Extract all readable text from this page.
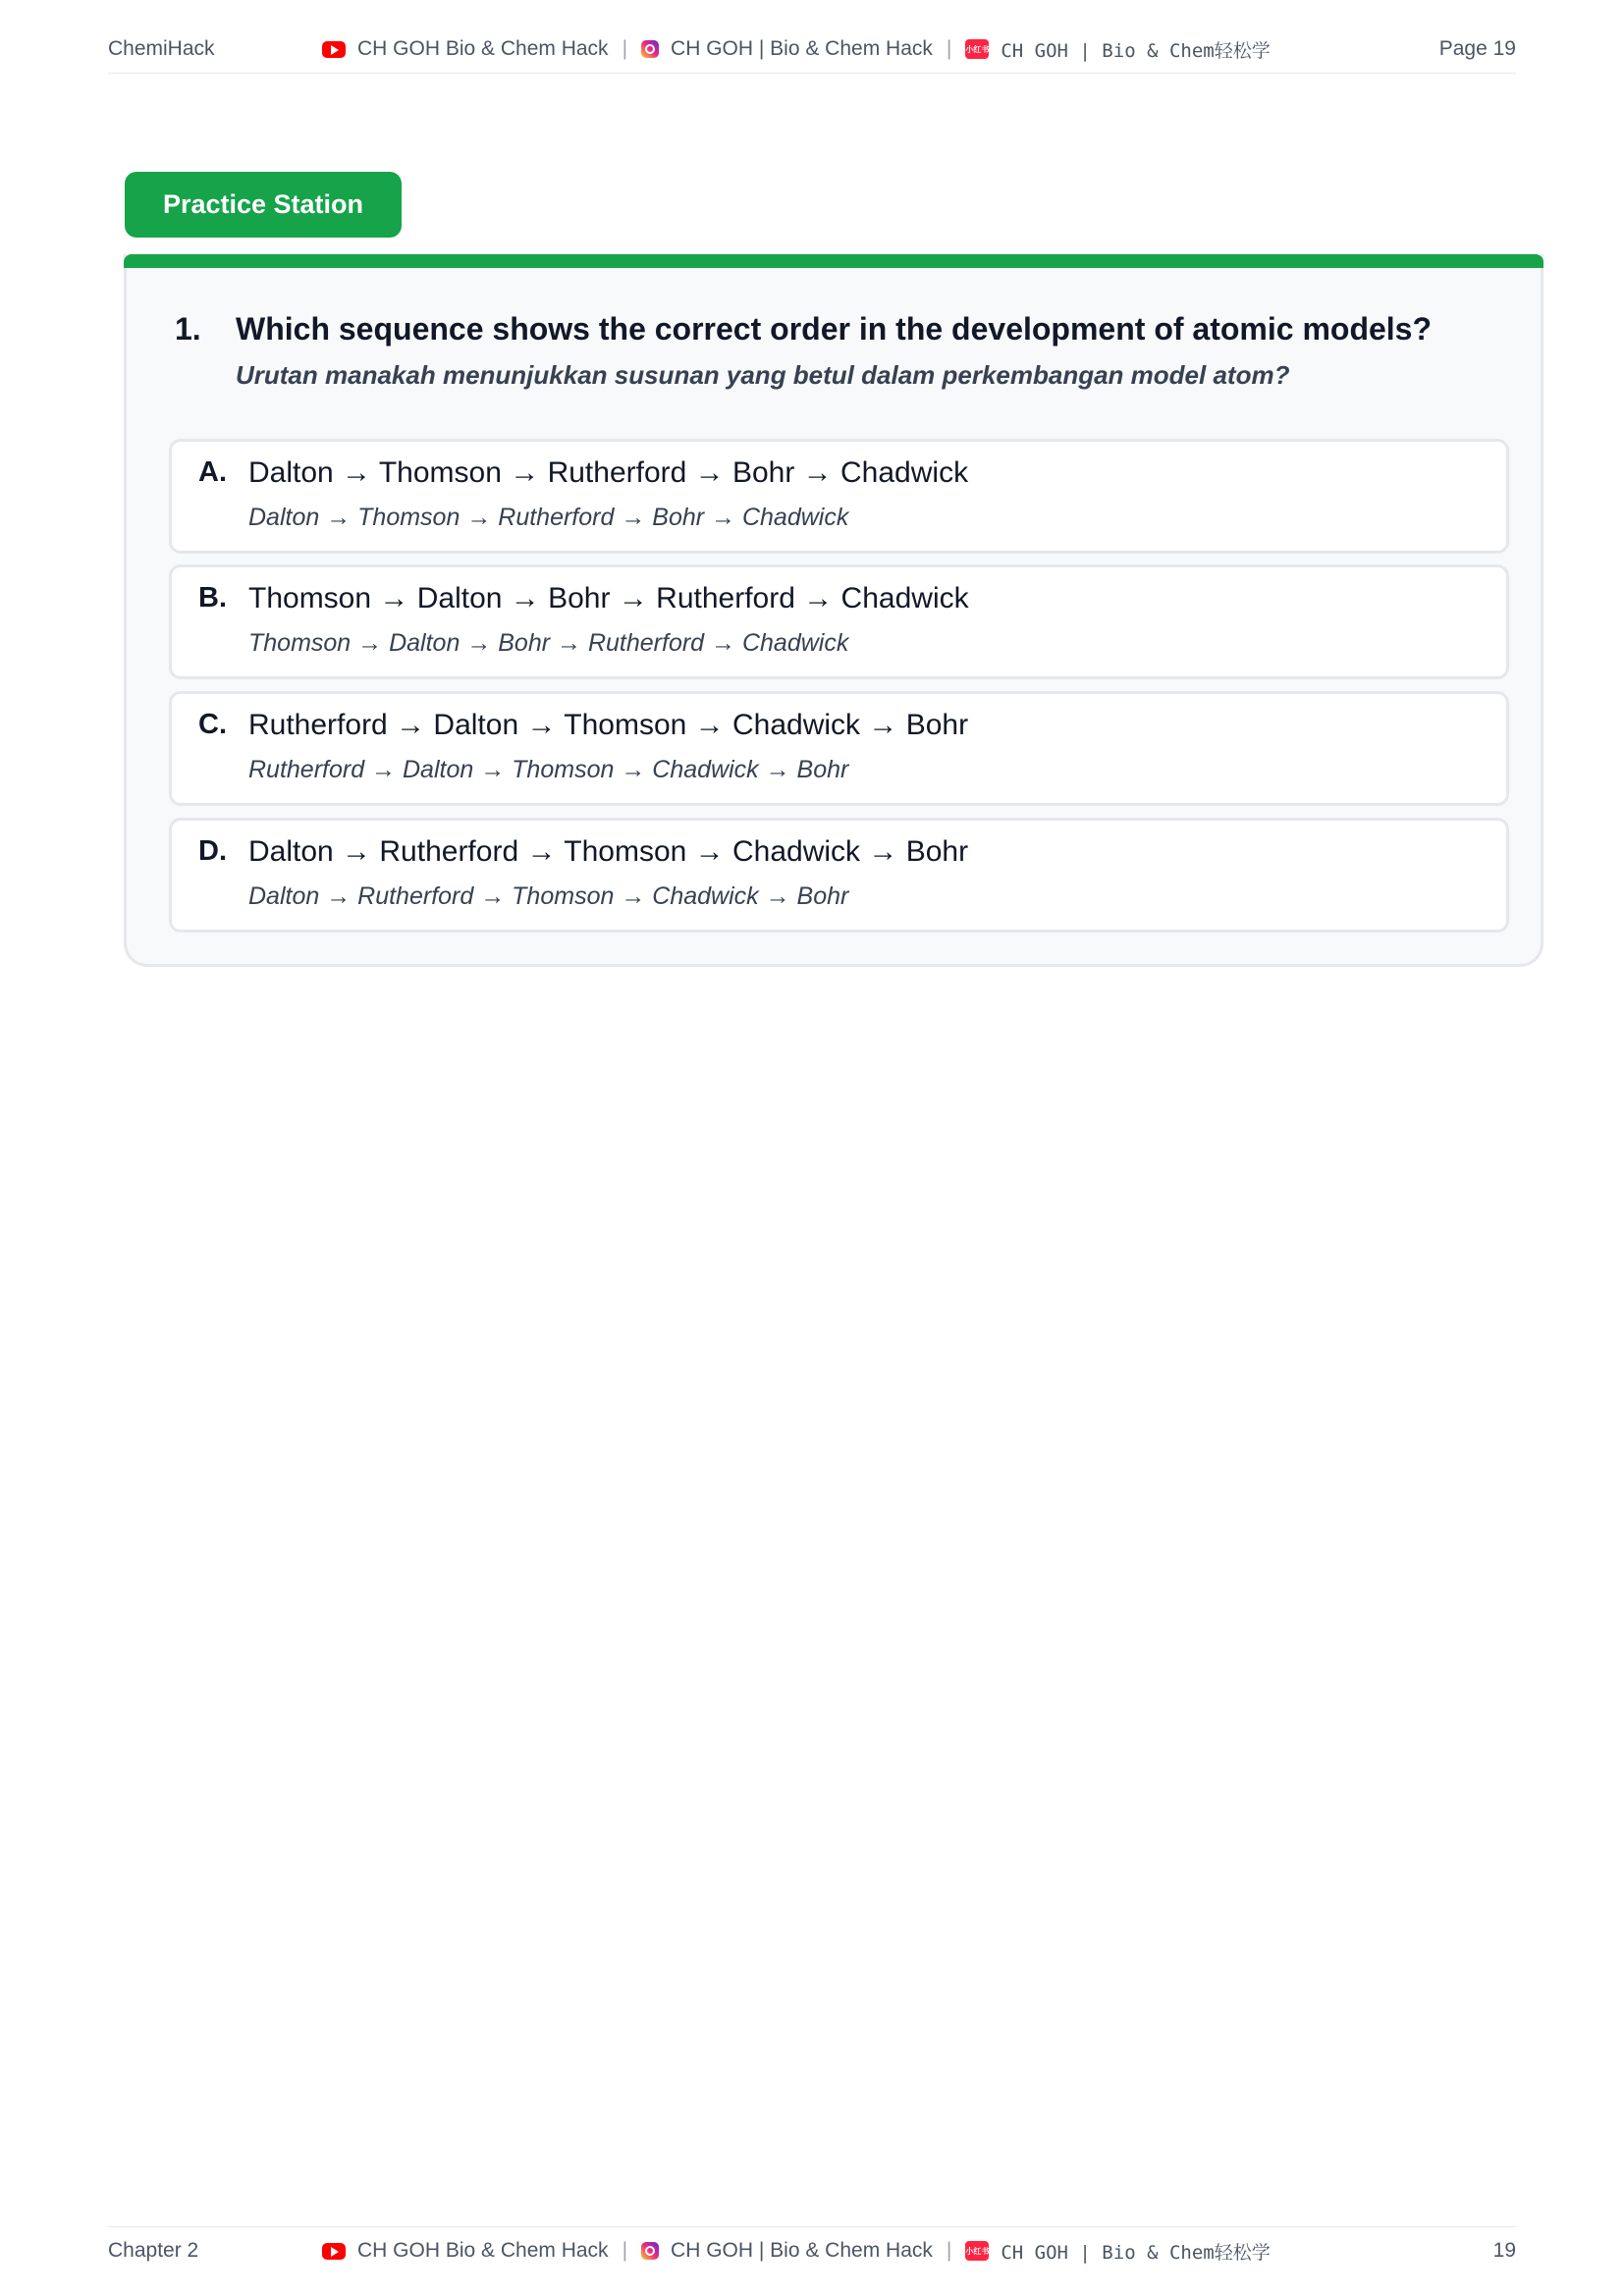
ChemiHack	CH GOH Bio & Chem Hack | CH GOH | Bio & Chem Hack | 小红书 CH GOH | Bio & Chem轻松学	Page 19
Practice Station
1. Which sequence shows the correct order in the development of atomic models?
Urutan manakah menunjukkan susunan yang betul dalam perkembangan model atom?
A. Dalton → Thomson → Rutherford → Bohr → Chadwick
Dalton → Thomson → Rutherford → Bohr → Chadwick
B. Thomson → Dalton → Bohr → Rutherford → Chadwick
Thomson → Dalton → Bohr → Rutherford → Chadwick
C. Rutherford → Dalton → Thomson → Chadwick → Bohr
Rutherford → Dalton → Thomson → Chadwick → Bohr
D. Dalton → Rutherford → Thomson → Chadwick → Bohr
Dalton → Rutherford → Thomson → Chadwick → Bohr
Chapter 2	CH GOH Bio & Chem Hack | CH GOH | Bio & Chem Hack | 小红书 CH GOH | Bio & Chem轻松学	19
